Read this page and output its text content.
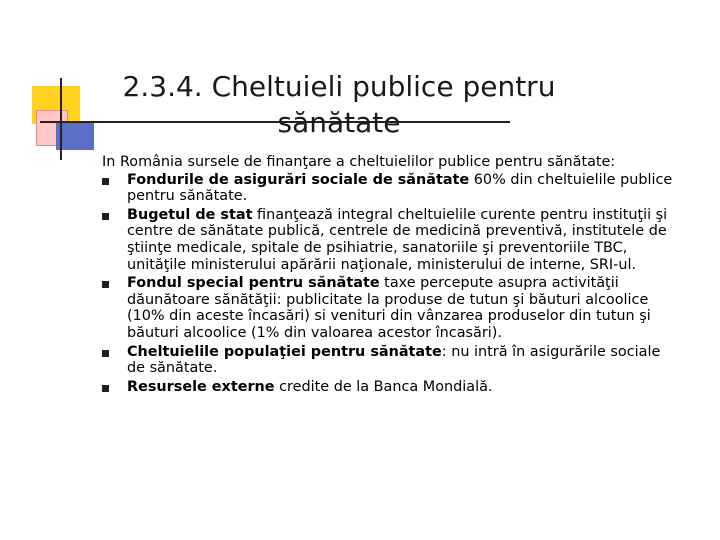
2.3.4. Cheltuieli publice pentru
sănătate

In România sursele de finanţare a cheltuielilor publice pentru sănătate:

Fondurile de asigurări sociale de sănătate 60% din cheltuielile publice pentru sănătate.
Bugetul de stat finanţează integral cheltuielile curente pentru instituţii şi centre de sănătate publică, centrele de medicină preventivă, institutele de ştiinţe medicale, spitale de psihiatrie, sanatoriile şi preventoriile TBC, unităţile ministerului apărării naţionale, ministerului de interne, SRI-ul.
Fondul special pentru sănătate taxe percepute asupra activităţii dăunătoare sănătăţii: publicitate la produse de tutun şi băuturi alcoolice (10% din aceste încasări) si venituri din vânzarea produselor din tutun şi băuturi alcoolice (1% din valoarea acestor încasări).
Cheltuielile populaţiei pentru sănătate: nu intră în asigurările sociale de sănătate.
Resursele externe credite de la Banca Mondială.
